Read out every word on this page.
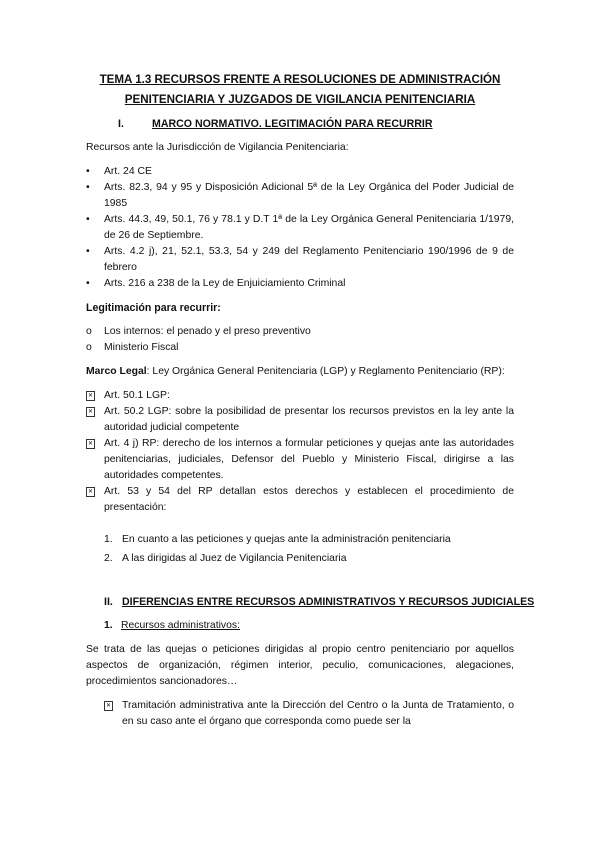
TEMA 1.3 RECURSOS FRENTE A RESOLUCIONES DE ADMINISTRACIÓN
PENITENCIARIA Y JUZGADOS DE VIGILANCIA PENITENCIARIA
I.	MARCO NORMATIVO. LEGITIMACIÓN PARA RECURRIR
Recursos ante la Jurisdicción de Vigilancia Penitenciaria:
• Art. 24 CE
• Arts. 82.3, 94 y 95 y Disposición Adicional 5ª de la Ley Orgánica del Poder Judicial de 1985
• Arts. 44.3, 49, 50.1, 76 y 78.1 y D.T 1ª de la Ley Orgánica General Penitenciaria 1/1979, de 26 de Septiembre.
• Arts. 4.2 j), 21, 52.1, 53.3, 54 y 249 del Reglamento Penitenciario 190/1996 de 9 de febrero
• Arts. 216 a 238 de la Ley de Enjuiciamiento Criminal
Legitimación para recurrir:
o Los internos: el penado y el preso preventivo
o Ministerio Fiscal
Marco Legal: Ley Orgánica General Penitenciaria (LGP) y Reglamento Penitenciario (RP):
✕ Art. 50.1 LGP:
✕ Art. 50.2 LGP: sobre la posibilidad de presentar los recursos previstos en la ley ante la autoridad judicial competente
✕ Art. 4 j) RP: derecho de los internos a formular peticiones y quejas ante las autoridades penitenciarias, judiciales, Defensor del Pueblo y Ministerio Fiscal, dirigirse a las autoridades competentes.
✕ Art. 53 y 54 del RP detallan estos derechos y establecen el procedimiento de presentación:
1. En cuanto a las peticiones y quejas ante la administración penitenciaria
2. A las dirigidas al Juez de Vigilancia Penitenciaria
II. DIFERENCIAS ENTRE RECURSOS ADMINISTRATIVOS Y RECURSOS JUDICIALES
1. Recursos administrativos:
Se trata de las quejas o peticiones dirigidas al propio centro penitenciario por aquellos aspectos de organización, régimen interior, peculio, comunicaciones, alegaciones, procedimientos sancionadores…
✕ Tramitación administrativa ante la Dirección del Centro o la Junta de Tratamiento, o en su caso ante el órgano que corresponda como puede ser la
